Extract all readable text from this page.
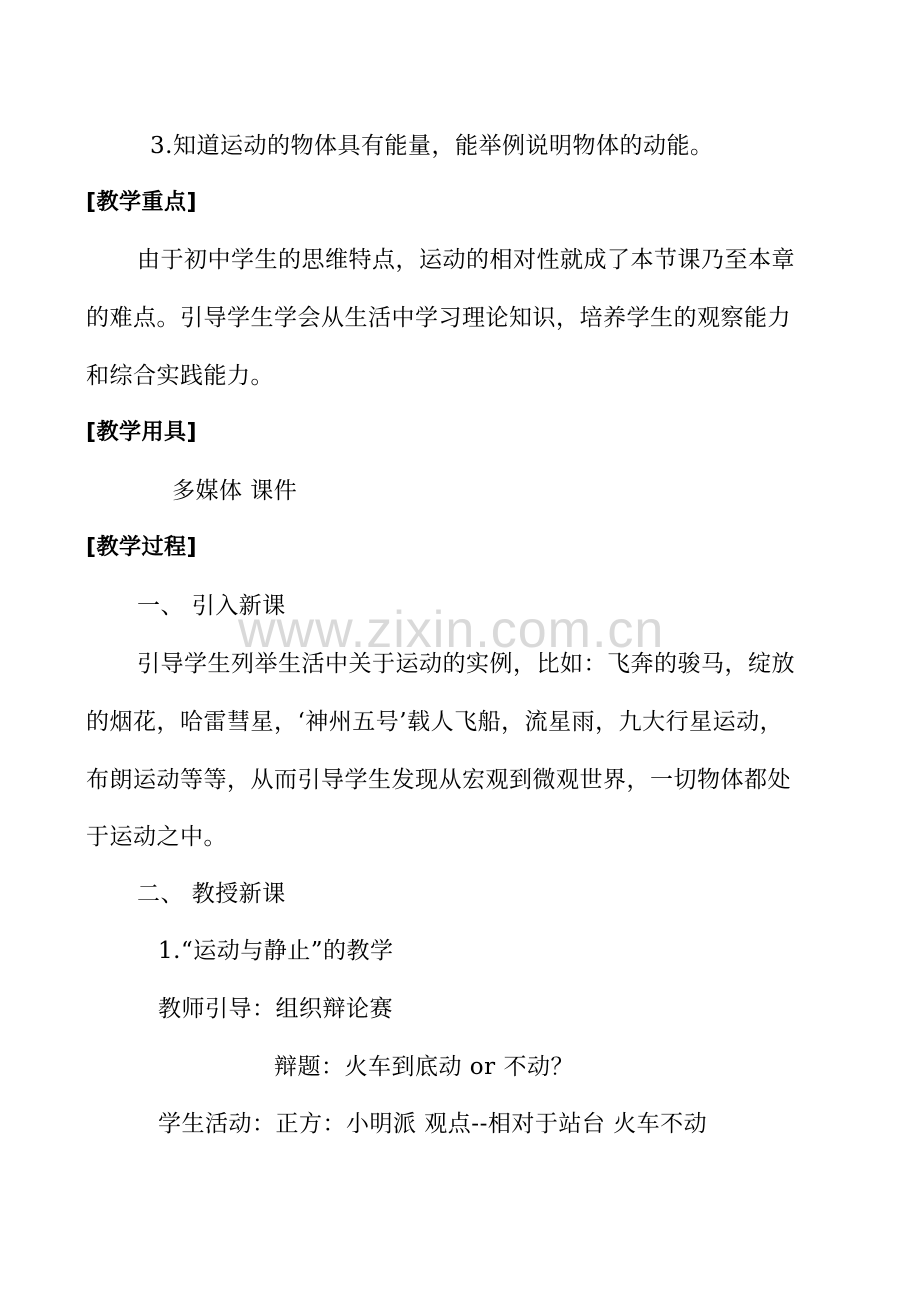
www.zixin.com.cn
3.知道运动的物体具有能量，能举例说明物体的动能。
[教学重点]
由于初中学生的思维特点，运动的相对性就成了本节课乃至本章
的难点。引导学生学会从生活中学习理论知识，培养学生的观察能力
和综合实践能力。
[教学用具]
多媒体 课件
[教学过程]
一、 引入新课
引导学生列举生活中关于运动的实例，比如：飞奔的骏马，绽放
的烟花，哈雷彗星，‘神州五号’载人飞船，流星雨，九大行星运动，
布朗运动等等，从而引导学生发现从宏观到微观世界，一切物体都处
于运动之中。
二、 教授新课
1.“运动与静止”的教学
教师引导：组织辩论赛
辩题：火车到底动 or 不动？
学生活动：正方：小明派 观点--相对于站台 火车不动
